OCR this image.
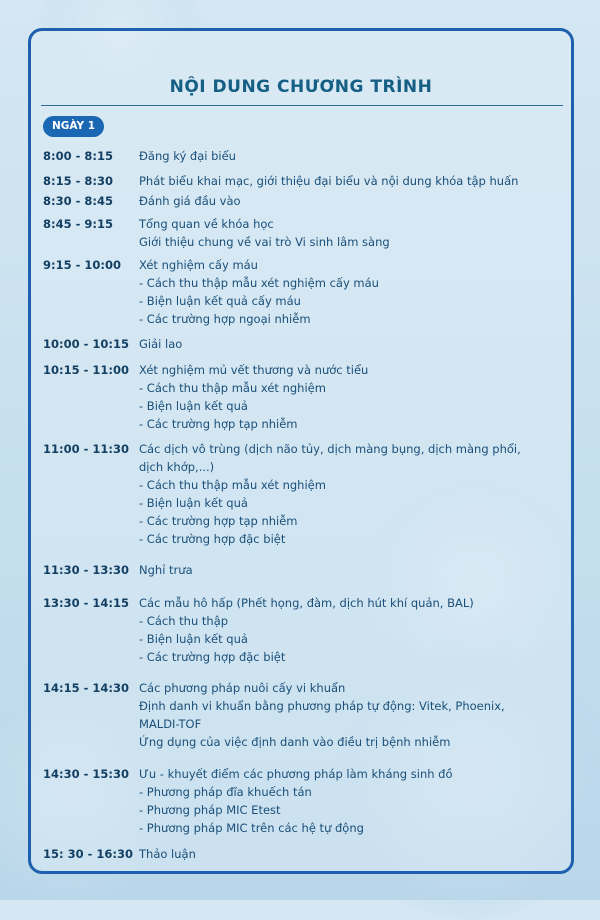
NỘI DUNG CHƯƠNG TRÌNH
NGÀY 1
8:00 - 8:15	Đăng ký đại biểu
8:15 - 8:30	Phát biểu khai mạc, giới thiệu đại biểu và nội dung khóa tập huấn
8:30 - 8:45	Đánh giá đầu vào
8:45 - 9:15	Tổng quan về khóa học
Giới thiệu chung về vai trò Vi sinh lâm sàng
9:15 - 10:00	Xét nghiệm cấy máu
- Cách thu thập mẫu xét nghiệm cấy máu
- Biện luận kết quả cấy máu
- Các trường hợp ngoại nhiễm
10:00 - 10:15 Giải lao
10:15 - 11:00 Xét nghiệm mủ vết thương và nước tiểu
- Cách thu thập mẫu xét nghiệm
- Biện luận kết quả
- Các trường hợp tạp nhiễm
11:00 - 11:30 Các dịch vô trùng (dịch não tủy, dịch màng bụng, dịch màng phổi,
dịch khớp,...)
- Cách thu thập mẫu xét nghiệm
- Biện luận kết quả
- Các trường hợp tạp nhiễm
- Các trường hợp đặc biệt
11:30 - 13:30 Nghỉ trưa
13:30 - 14:15 Các mẫu hô hấp (Phết họng, đàm, dịch hút khí quản, BAL)
- Cách thu thập
- Biện luận kết quả
- Các trường hợp đặc biệt
14:15 - 14:30 Các phương pháp nuôi cấy vi khuẩn
Định danh vi khuẩn bằng phương pháp tự động: Vitek, Phoenix,
MALDI-TOF
Ứng dụng của việc định danh vào điều trị bệnh nhiễm
14:30 - 15:30 Ưu - khuyết điểm các phương pháp làm kháng sinh đồ
- Phương pháp đĩa khuếch tán
- Phương pháp MIC Etest
- Phương pháp MIC trên các hệ tự động
15: 30 - 16:30 Thảo luận
